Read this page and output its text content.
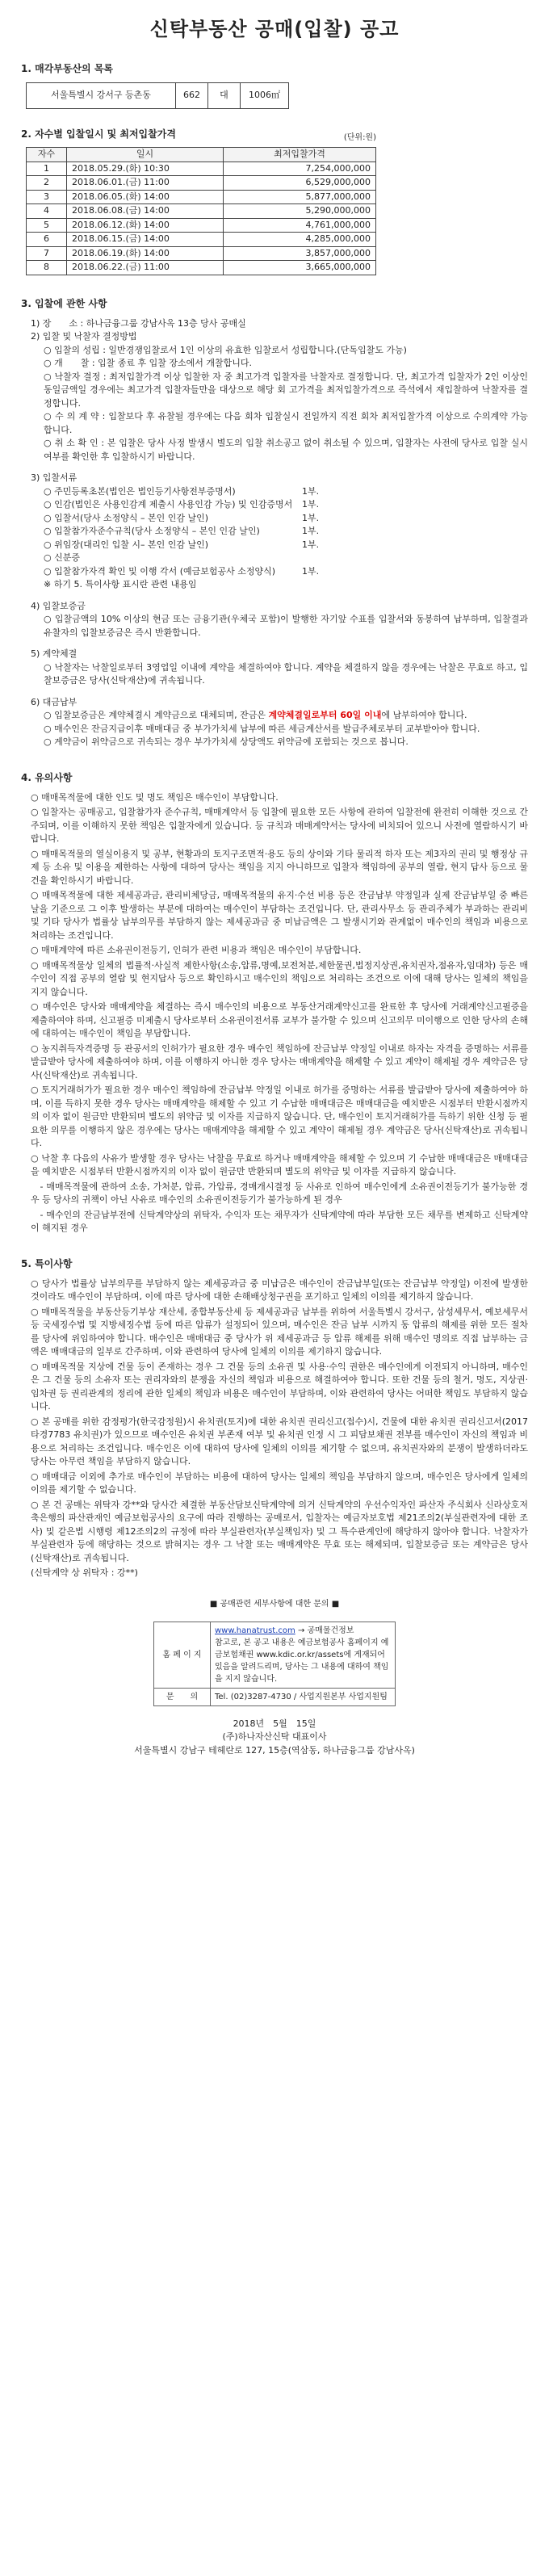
신탁부동산 공매(입찰) 공고
1. 매각부동산의 목록
서울특별시 강서구 등촌동	662	대	1006㎡
2. 자수별 입찰일시 및 최저입찰가격	(단위:원)
자수	일시	최저입찰가격
1	2018.05.29.(화) 10:30	7,254,000,000
2	2018.06.01.(금) 11:00	6,529,000,000
3	2018.06.05.(화) 14:00	5,877,000,000
4	2018.06.08.(금) 14:00	5,290,000,000
5	2018.06.12.(화) 14:00	4,761,000,000
6	2018.06.15.(금) 14:00	4,285,000,000
7	2018.06.19.(화) 14:00	3,857,000,000
8	2018.06.22.(금) 11:00	3,665,000,000
3. 입찰에 관한 사항

1) 장　　소 : 하나금융그룹 강남사옥 13층 당사 공매실

2) 입찰 및 낙찰자 결정방법

○ 입찰의 성립 : 일반경쟁입찰로서 1인 이상의 유효한 입찰로서 성립합니다.(단독입찰도 가능)

○ 개　　찰 : 입찰 종료 후 입찰 장소에서 개찰합니다.

○ 낙찰자 결정 : 최저입찰가격 이상 입찰한 자 중 최고가격 입찰자를 낙찰자로 결정합니다. 단, 최고가격 입찰자가 2인 이상인 동일금액일 경우에는 최고가격 입찰자들만을 대상으로 해당 회 고가격을 최저입찰가격으로 즉석에서 재입찰하여 낙찰자를 결정합니다.

○ 수 의 계 약 : 입찰보다 후 유찰될 경우에는 다음 회차 입찰실시 전일까지 직전 회차 최저입찰가격 이상으로 수의계약 가능합니다.

○ 취 소 확 인 : 본 입찰은 당사 사정 발생시 별도의 입찰 취소공고 없이 취소될 수 있으며, 입찰자는 사전에 당사로 입찰 실시 여부를 확인한 후 입찰하시기 바랍니다.

3) 입찰서류

○ 주민등록초본(법인은 법인등기사항전부증명서)	1부.
○ 인감(법인은 사용인감계 제출시 사용인감 가능) 및 인감증명서	1부.
○ 입찰서(당사 소정양식 – 본인 인감 날인)	1부.
○ 입찰참가자준수규칙(당사 소정양식 – 본인 인감 날인)	1부.
○ 위임장(대리인 입찰 시– 본인 인감 날인)	1부.
○ 신분증
○ 입찰참가자격 확인 및 이행 각서 (예금보험공사 소정양식)	1부.

※ 하기 5. 특이사항 표시란 관련 내용임

4) 입찰보증금

○ 입찰금액의 10% 이상의 현금 또는 금융기관(우체국 포함)이 발행한 자기앞 수표를 입찰서와 동봉하여 납부하며, 입찰결과 유찰자의 입찰보증금은 즉시 반환합니다.

5) 계약체결

○ 낙찰자는 낙찰일로부터 3영업일 이내에 계약을 체결하여야 합니다. 계약을 체결하지 않을 경우에는 낙찰은 무효로 하고, 입찰보증금은 당사(신탁재산)에 귀속됩니다.

6) 대금납부

○ 입찰보증금은 계약체결시 계약금으로 대체되며, 잔금은 계약체결일로부터 60일 이내에 납부하여야 합니다.

○ 매수인은 잔금지급이후 매매대금 중 부가가치세 납부에 따른 세금계산서를 발급주체로부터 교부받아야 합니다.

○ 계약금이 위약금으로 귀속되는 경우 부가가치세 상당액도 위약금에 포함되는 것으로 봅니다.

4. 유의사항

○ 매매목적물에 대한 인도 및 명도 책임은 매수인이 부담합니다.

○ 입찰자는 공매공고, 입찰참가자 준수규칙, 매매계약서 등 입찰에 필요한 모든 사항에 관하여 입찰전에 완전히 이해한 것으로 간주되며, 이를 이해하지 못한 책임은 입찰자에게 있습니다. 등 규칙과 매매계약서는 당사에 비치되어 있으니 사전에 열람하시기 바랍니다.

○ 매매목적물의 열실이용지 및 공부, 현황과의 토지구조면적·용도 등의 상이와 기타 물리적 하자 또는 제3자의 권리 및 행정상 규제 등 소유 및 이용을 제한하는 사항에 대하여 당사는 책임을 지지 아니하므로 입찰자 책임하에 공부의 열람, 현지 답사 등으로 물건을 확인하시기 바랍니다.

○ 매매목적물에 대한 제세공과금, 관리비체당금, 매매목적물의 유지·수선 비용 등은 잔금납부 약정일과 실제 잔금납부일 중 빠른 날을 기준으로 그 이후 발생하는 부분에 대하여는 매수인이 부담하는 조건입니다. 단, 관리사무소 등 관리주체가 부과하는 관리비 및 기타 당사가 법률상 납부의무를 부담하지 않는 제세공과금 중 미납금액은 그 발생시기와 관계없이 매수인의 책임과 비용으로 처리하는 조건입니다.

○ 매매계약에 따른 소유권이전등기, 인허가 관련 비용과 책임은 매수인이 부담합니다.

○ 매매목적물상 일체의 법률적·사실적 제한사항(소송,압류,명예,보전처분,제한물권,법정지상권,유치권자,점유자,임대차) 등은 매수인이 직접 공부의 열람 및 현지답사 등으로 확인하시고 매수인의 책임으로 처리하는 조건으로 이에 대해 당사는 일체의 책임을 지지 않습니다.

○ 매수인은 당사와 매매계약을 체결하는 즉시 매수인의 비용으로 부동산거래계약신고를 완료한 후 당사에 거래계약신고필증을 제출하여야 하며, 신고필증 미제출시 당사로부터 소유권이전서류 교부가 불가할 수 있으며 신고의무 미이행으로 인한 당사의 손해에 대하여는 매수인이 책임을 부담합니다.

○ 농지취득자격증명 등 관공서의 인허가가 필요한 경우 매수인 책임하에 잔금납부 약정일 이내로 하자는 자격을 증명하는 서류를 발급받아 당사에 제출하여야 하며, 이를 이행하지 아니한 경우 당사는 매매계약을 해제할 수 있고 계약이 해제될 경우 계약금은 당사(신탁재산)로 귀속됩니다.

○ 토지거래허가가 필요한 경우 매수인 책임하에 잔금납부 약정일 이내로 허가를 증명하는 서류를 발급받아 당사에 제출하여야 하며, 이를 득하지 못한 경우 당사는 매매계약을 해제할 수 있고 기 수납한 매매대금은 매매대금을 예치받은 시점부터 반환시점까지의 이자 없이 원금만 반환되며 별도의 위약금 및 이자를 지급하지 않습니다. 단, 매수인이 토지거래허가를 득하기 위한 신청 등 필요한 의무를 이행하지 않은 경우에는 당사는 매매계약을 해제할 수 있고 계약이 해제될 경우 계약금은 당사(신탁재산)로 귀속됩니다.

○ 낙찰 후 다음의 사유가 발생할 경우 당사는 낙찰을 무효로 하거나 매매계약을 해제할 수 있으며 기 수납한 매매대금은 매매대금을 예치받은 시점부터 반환시점까지의 이자 없이 원금만 반환되며 별도의 위약금 및 이자를 지급하지 않습니다.

　- 매매목적물에 관하여 소송, 가처분, 압류, 가압류, 경매개시결정 등 사유로 인하여 매수인에게 소유권이전등기가 불가능한 경우 등 당사의 귀책이 아닌 사유로 매수인의 소유권이전등기가 불가능하게 된 경우

　- 매수인의 잔금납부전에 신탁계약상의 위탁자, 수익자 또는 채무자가 신탁계약에 따라 부담한 모든 채무를 변제하고 신탁계약이 해지된 경우

5. 특이사항

○ 당사가 법률상 납부의무를 부담하지 않는 제세공과금 중 미납금은 매수인이 잔금납부일(또는 잔금납부 약정일) 이전에 발생한 것이라도 매수인이 부담하며, 이에 따른 당사에 대한 손해배상청구권을 포기하고 일체의 이의를 제기하지 않습니다.

○ 매매목적물을 부동산등기부상 재산세, 종합부동산세 등 제세공과금 납부를 위하여 서울특별시 강서구, 삼성세무서, 예보세무서 등 국세징수법 및 지방세징수법 등에 따른 압류가 설정되어 있으며, 매수인은 잔금 납부 시까지 동 압류의 해제를 위한 모든 절차를 당사에 위임하여야 합니다. 매수인은 매매대금 중 당사가 위 제세공과금 등 압류 해제를 위해 매수인 명의로 직접 납부하는 금액은 매매대금의 일부로 간주하며, 이와 관련하여 당사에 일체의 이의를 제기하지 않습니다.

○ 매매목적물 지상에 건물 등이 존재하는 경우 그 건물 등의 소유권 및 사용·수익 권한은 매수인에게 이전되지 아니하며, 매수인은 그 건물 등의 소유자 또는 권리자와의 분쟁을 자신의 책임과 비용으로 해결하여야 합니다. 또한 건물 등의 철거, 명도, 지상권·임차권 등 권리관계의 정리에 관한 일체의 책임과 비용은 매수인이 부담하며, 이와 관련하여 당사는 어떠한 책임도 부담하지 않습니다.

○ 본 공매를 위한 감정평가(한국감정원)시 유치권(토지)에 대한 유치권 권리신고(접수)시, 건물에 대한 유치권 권리신고서(2017타경7783 유치권)가 있으므로 매수인은 유치권 부존재 여부 및 유치권 인정 시 그 피담보채권 전부를 매수인이 자신의 책임과 비용으로 처리하는 조건입니다. 매수인은 이에 대하여 당사에 일체의 이의를 제기할 수 없으며, 유치권자와의 분쟁이 발생하더라도 당사는 아무런 책임을 부담하지 않습니다.

○ 매매대금 이외에 추가로 매수인이 부담하는 비용에 대하여 당사는 일체의 책임을 부담하지 않으며, 매수인은 당사에게 일체의 이의를 제기할 수 없습니다.

○ 본 건 공매는 위탁자 강**와 당사간 체결한 부동산담보신탁계약에 의거 신탁계약의 우선수익자인 파산자 주식회사 신라상호저축은행의 파산관재인 예금보험공사의 요구에 따라 진행하는 공매로서, 입찰자는 예금자보호법 제21조의2(부실관련자에 대한 조사) 및 같은법 시행령 제12조의2의 규정에 따라 부실관련자(부실책임자) 및 그 특수관계인에 해당하지 않아야 합니다. 낙찰자가 부실관련자 등에 해당하는 것으로 밝혀지는 경우 그 낙찰 또는 매매계약은 무효 또는 해제되며, 입찰보증금 또는 계약금은 당사(신탁재산)로 귀속됩니다.

(신탁계약 상 위탁자 : 강**)

■ 공매관련 세부사항에 대한 문의 ■
홈 페 이 지	www.hanatrust.com → 공매물건정보
참고로, 본 공고 내용은 예금보험공사 홈페이지 예금보험채권 www.kdic.or.kr/assets에 게재되어 있음을 알려드리며, 당사는 그 내용에 대하여 책임을 지지 않습니다.

문　　의	Tel. (02)3287-4730 / 사업지원본부 사업지원팀
2018년　5월　15일
(주)하나자산신탁 대표이사
서울특별시 강남구 테헤란로 127, 15층(역삼동, 하나금융그룹 강남사옥)
